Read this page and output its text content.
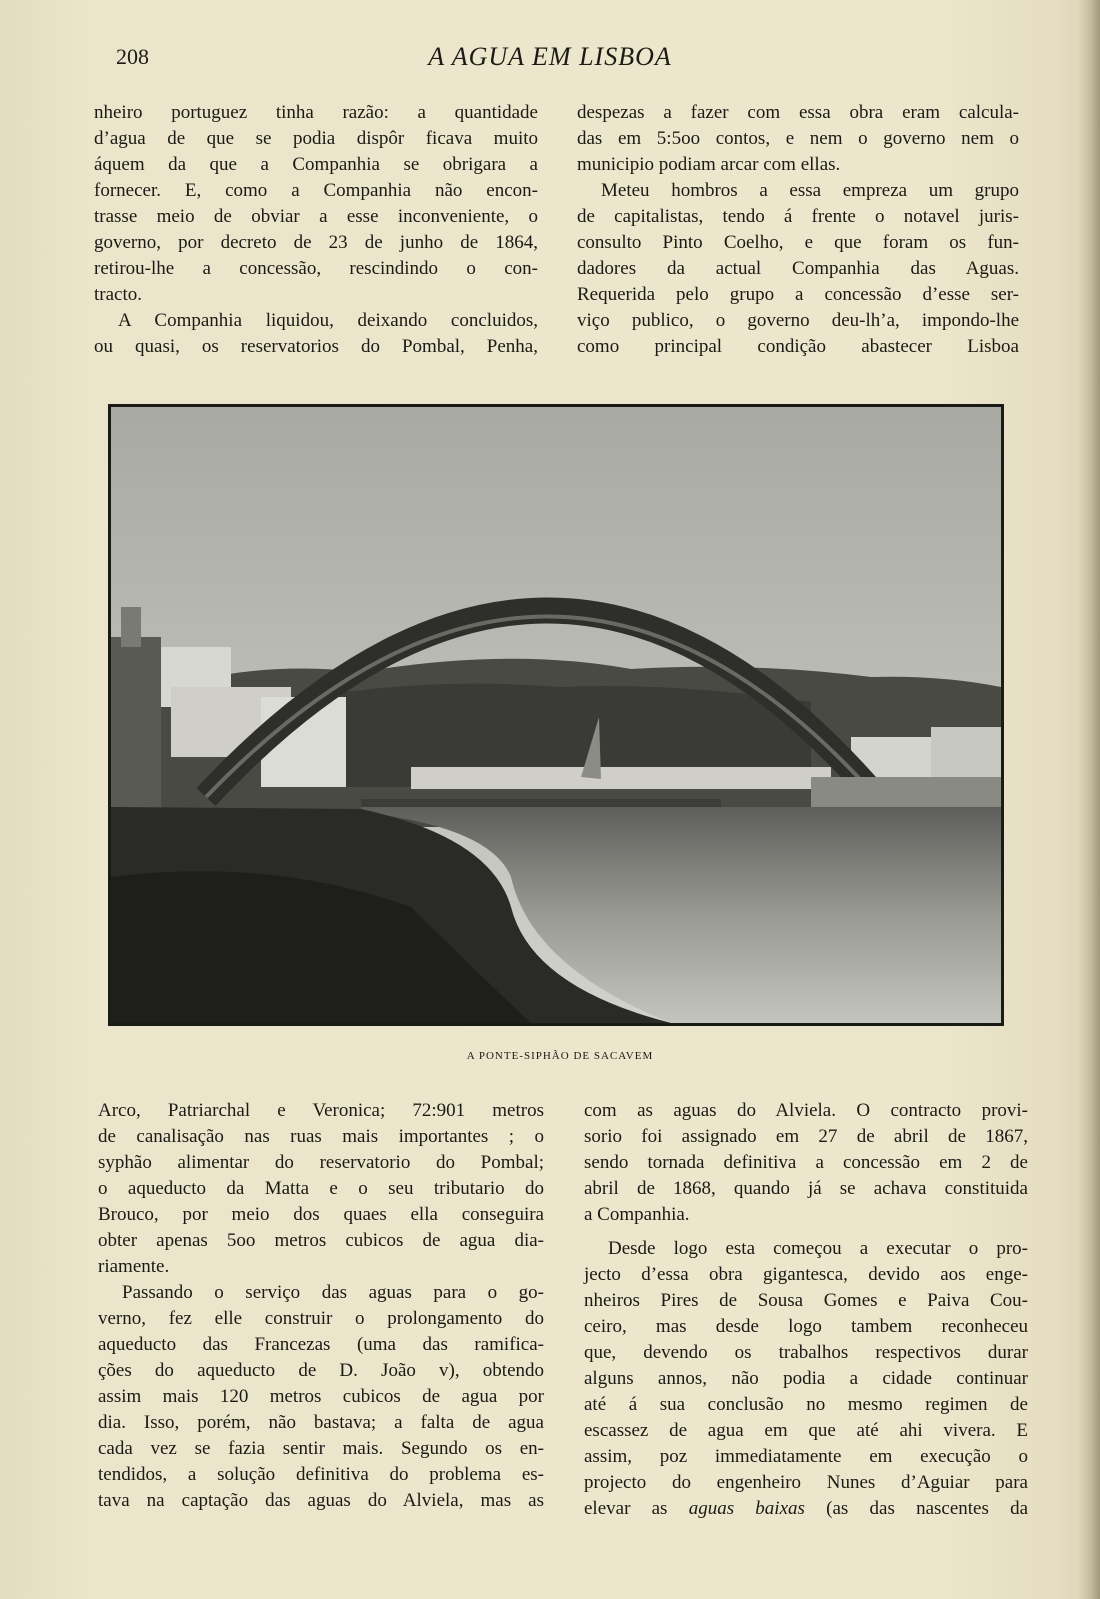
208	A AGUA EM LISBOA

nheiro portuguez tinha razão: a quantidade
d’agua de que se podia dispôr ficava muito
áquem da que a Companhia se obrigara a
fornecer. E, como a Companhia não encon-
trasse meio de obviar a esse inconveniente, o
governo, por decreto de 23 de junho de 1864,
retirou-lhe a concessão, rescindindo o con-
tracto.

A Companhia liquidou, deixando concluidos,
ou quasi, os reservatorios do Pombal, Penha,

despezas a fazer com essa obra eram calcula-
das em 5:5oo contos, e nem o governo nem o
municipio podiam arcar com ellas.

Meteu hombros a essa empreza um grupo
de capitalistas, tendo á frente o notavel juris-
consulto Pinto Coelho, e que foram os fun-
dadores da actual Companhia das Aguas.
Requerida pelo grupo a concessão d’esse ser-
viço publico, o governo deu-lh’a, impondo-lhe
como principal condição abastecer Lisboa

A PONTE-SIPHÃO DE SACAVEM

Arco, Patriarchal e Veronica; 72:901 metros
de canalisação nas ruas mais importantes ; o
syphão alimentar do reservatorio do Pombal;
o aqueducto da Matta e o seu tributario do
Brouco, por meio dos quaes ella conseguira
obter apenas 5oo metros cubicos de agua dia-
riamente.

Passando o serviço das aguas para o go-
verno, fez elle construir o prolongamento do
aqueducto das Francezas (uma das ramifica-
ções do aqueducto de D. João v), obtendo
assim mais 120 metros cubicos de agua por
dia. Isso, porém, não bastava; a falta de agua
cada vez se fazia sentir mais. Segundo os en-
tendidos, a solução definitiva do problema es-
tava na captação das aguas do Alviela, mas as

com as aguas do Alviela. O contracto provi-
sorio foi assignado em 27 de abril de 1867,
sendo tornada definitiva a concessão em 2 de
abril de 1868, quando já se achava constituida
a Companhia.

Desde logo esta começou a executar o pro-
jecto d’essa obra gigantesca, devido aos enge-
nheiros Pires de Sousa Gomes e Paiva Cou-
ceiro, mas desde logo tambem reconheceu
que, devendo os trabalhos respectivos durar
alguns annos, não podia a cidade continuar
até á sua conclusão no mesmo regimen de
escassez de agua em que até ahi vivera. E
assim, poz immediatamente em execução o
projecto do engenheiro Nunes d’Aguiar para
elevar as aguas baixas (as das nascentes da
